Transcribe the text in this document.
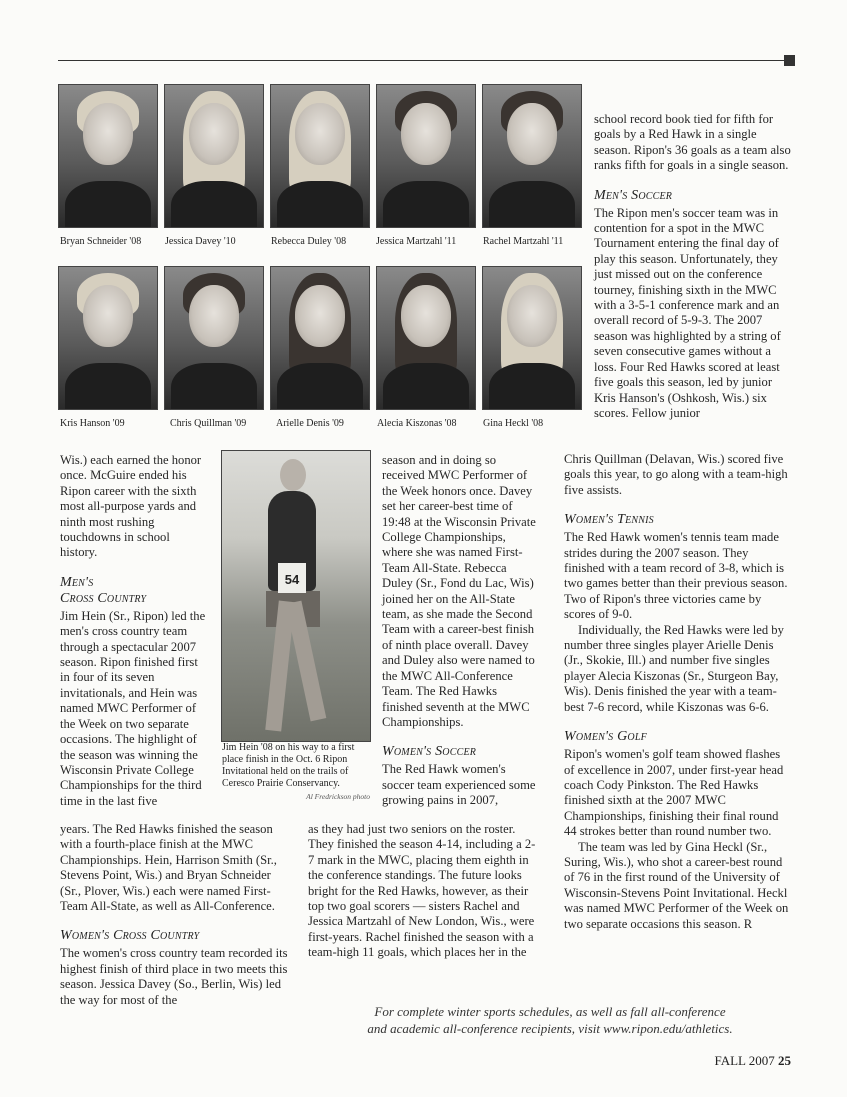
Bryan Schneider '08 Jessica Davey '10	Rebecca Duley '08	Jessica Martzahl '11	Rachel Martzahl '11
Kris Hanson '09	Chris Quillman '09	Arielle Denis '09	Alecia Kiszonas '08	Gina Heckl '08

Wis.) each earned the honor once. McGuire ended his Ripon career with the sixth most all-purpose yards and ninth most rushing touchdowns in school history.

Men's
Cross Country

Jim Hein (Sr., Ripon) led the men's cross country team through a spectacular 2007 season. Ripon finished first in four of its seven invitationals, and Hein was named MWC Performer of the Week on two separate occasions. The highlight of the season was winning the Wisconsin Private College Championships for the third time in the last five

years. The Red Hawks finished the season with a fourth-place finish at the MWC Championships. Hein, Harrison Smith (Sr., Stevens Point, Wis.) and Bryan Schneider (Sr., Plover, Wis.) each were named First-Team All-State, as well as All-Conference.

Women's Cross Country

The women's cross country team recorded its highest finish of third place in two meets this season. Jessica Davey (So., Berlin, Wis) led the way for most of the

54
Jim Hein '08 on his way to a first place finish in the Oct. 6 Ripon Invitational held on the trails of Ceresco Prairie Conservancy.
Al Fredrickson photo

season and in doing so received MWC Performer of the Week honors once. Davey set her career-best time of 19:48 at the Wisconsin Private College Championships, where she was named First-Team All-State. Rebecca Duley (Sr., Fond du Lac, Wis) joined her on the All-State team, as she made the Second Team with a career-best finish of ninth place overall. Davey and Duley also were named to the MWC All-Conference Team. The Red Hawks finished seventh at the MWC Championships.

Women's Soccer

The Red Hawk women's soccer team experienced some growing pains in 2007,

as they had just two seniors on the roster. They finished the season 4-14, including a 2-7 mark in the MWC, placing them eighth in the conference standings. The future looks bright for the Red Hawks, however, as their top two goal scorers — sisters Rachel and Jessica Martzahl of New London, Wis., were first-years. Rachel finished the season with a team-high 11 goals, which places her in the

school record book tied for fifth for goals by a Red Hawk in a single season. Ripon's 36 goals as a team also ranks fifth for goals in a single season.

Men's Soccer

The Ripon men's soccer team was in contention for a spot in the MWC Tournament entering the final day of play this season. Unfortunately, they just missed out on the conference tourney, finishing sixth in the MWC with a 3-5-1 conference mark and an overall record of 5-9-3. The 2007 season was highlighted by a string of seven consecutive games without a loss. Four Red Hawks scored at least five goals this season, led by junior Kris Hanson's (Oshkosh, Wis.) six scores. Fellow junior

Chris Quillman (Delavan, Wis.) scored five goals this year, to go along with a team-high five assists.

Women's Tennis

The Red Hawk women's tennis team made strides during the 2007 season. They finished with a team record of 3-8, which is two games better than their previous season. Two of Ripon's three victories came by scores of 9-0.

Individually, the Red Hawks were led by number three singles player Arielle Denis (Jr., Skokie, Ill.) and number five singles player Alecia Kiszonas (Sr., Sturgeon Bay, Wis). Denis finished the year with a team-best 7-6 record, while Kiszonas was 6-6.

Women's Golf

Ripon's women's golf team showed flashes of excellence in 2007, under first-year head coach Cody Pinkston. The Red Hawks finished sixth at the 2007 MWC Championships, finishing their final round 44 strokes better than round number two.

The team was led by Gina Heckl (Sr., Suring, Wis.), who shot a career-best round of 76 in the first round of the University of Wisconsin-Stevens Point Invitational. Heckl was named MWC Performer of the Week on two separate occasions this season. R

For complete winter sports schedules, as well as fall all-conference
and academic all-conference recipients, visit www.ripon.edu/athletics.
FALL 2007 25
